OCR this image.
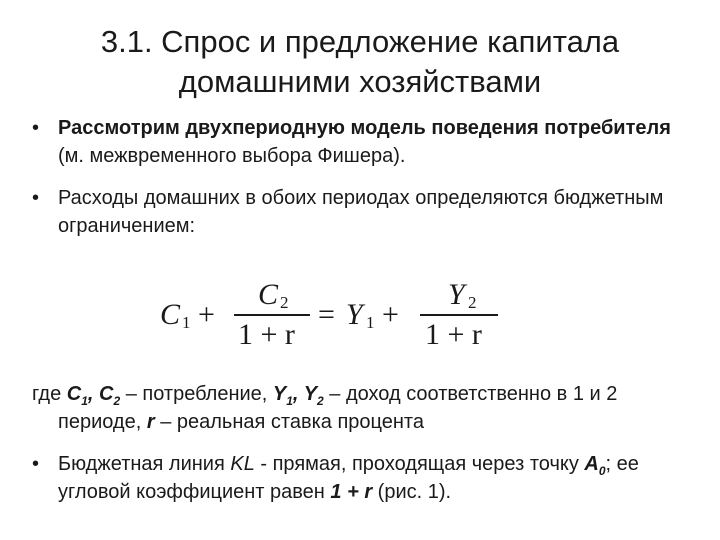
3.1. Спрос и предложение капитала
домашними хозяйствами
• Рассмотрим двухпериодную модель поведения потребителя (м. межвременного выбора Фишера).
• Расходы домашних в обоих периодах определяются бюджетным ограничением:
C 1 +
C 2
1 + r
= Y 1 +
Y 2
1 + r
где $C_1$, $C_2$ – потребление, $Y_1$, $Y_2$ – доход соответственно в 1 и 2 периоде, r – реальная ставка процента
• Бюджетная линия KL - прямая, проходящая через точку $A_0$; ее угловой коэффициент равен 1 + r (рис. 1).
